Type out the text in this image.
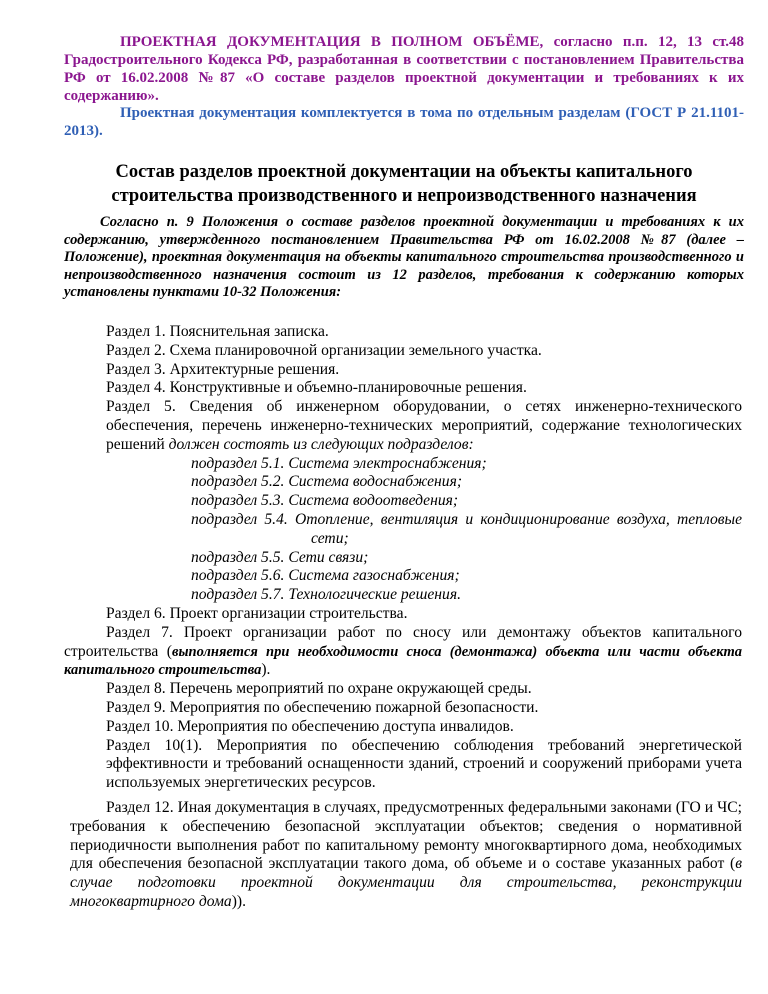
ПРОЕКТНАЯ ДОКУМЕНТАЦИЯ В ПОЛНОМ ОБЪЁМЕ, согласно п.п. 12, 13 ст.48 Градостроительного Кодекса РФ, разработанная в соответствии с постановлением Правительства РФ от 16.02.2008 №87 «О составе разделов проектной документации и требованиях к их содержанию».

Проектная документация комплектуется в тома по отдельным разделам (ГОСТ Р 21.1101-2013).

Состав разделов проектной документации на объекты капитального строительства производственного и непроизводственного назначения

Согласно п. 9 Положения о составе разделов проектной документации и требованиях к их содержанию, утвержденного постановлением Правительства РФ от 16.02.2008 №87 (далее – Положение), проектная документация на объекты капитального строительства производственного и непроизводственного назначения состоит из 12 разделов, требования к содержанию которых установлены пунктами 10-32 Положения:

Раздел 1. Пояснительная записка.

Раздел 2. Схема планировочной организации земельного участка.

Раздел 3. Архитектурные решения.

Раздел 4. Конструктивные и объемно-планировочные решения.

Раздел 5. Сведения об инженерном оборудовании, о сетях инженерно-технического обеспечения, перечень инженерно-технических мероприятий, содержание технологических решений должен состоять из следующих подразделов:

подраздел 5.1. Система электроснабжения;

подраздел 5.2. Система водоснабжения;

подраздел 5.3. Система водоотведения;

подраздел 5.4. Отопление, вентиляция и кондиционирование воздуха, тепловые сети;

подраздел 5.5. Сети связи;

подраздел 5.6. Система газоснабжения;

подраздел 5.7. Технологические решения.

Раздел 6. Проект организации строительства.

Раздел 7. Проект организации работ по сносу или демонтажу объектов капитального строительства (выполняется при необходимости сноса (демонтажа) объекта или части объекта капитального строительства).

Раздел 8. Перечень мероприятий по охране окружающей среды.

Раздел 9. Мероприятия по обеспечению пожарной безопасности.

Раздел 10. Мероприятия по обеспечению доступа инвалидов.

Раздел 10(1). Мероприятия по обеспечению соблюдения требований энергетической эффективности и требований оснащенности зданий, строений и сооружений приборами учета используемых энергетических ресурсов.

Раздел 12. Иная документация в случаях, предусмотренных федеральными законами (ГО и ЧС; требования к обеспечению безопасной эксплуатации объектов; сведения о нормативной периодичности выполнения работ по капитальному ремонту многоквартирного дома, необходимых для обеспечения безопасной эксплуатации такого дома, об объеме и о составе указанных работ (в случае подготовки проектной документации для строительства, реконструкции многоквартирного дома)).
